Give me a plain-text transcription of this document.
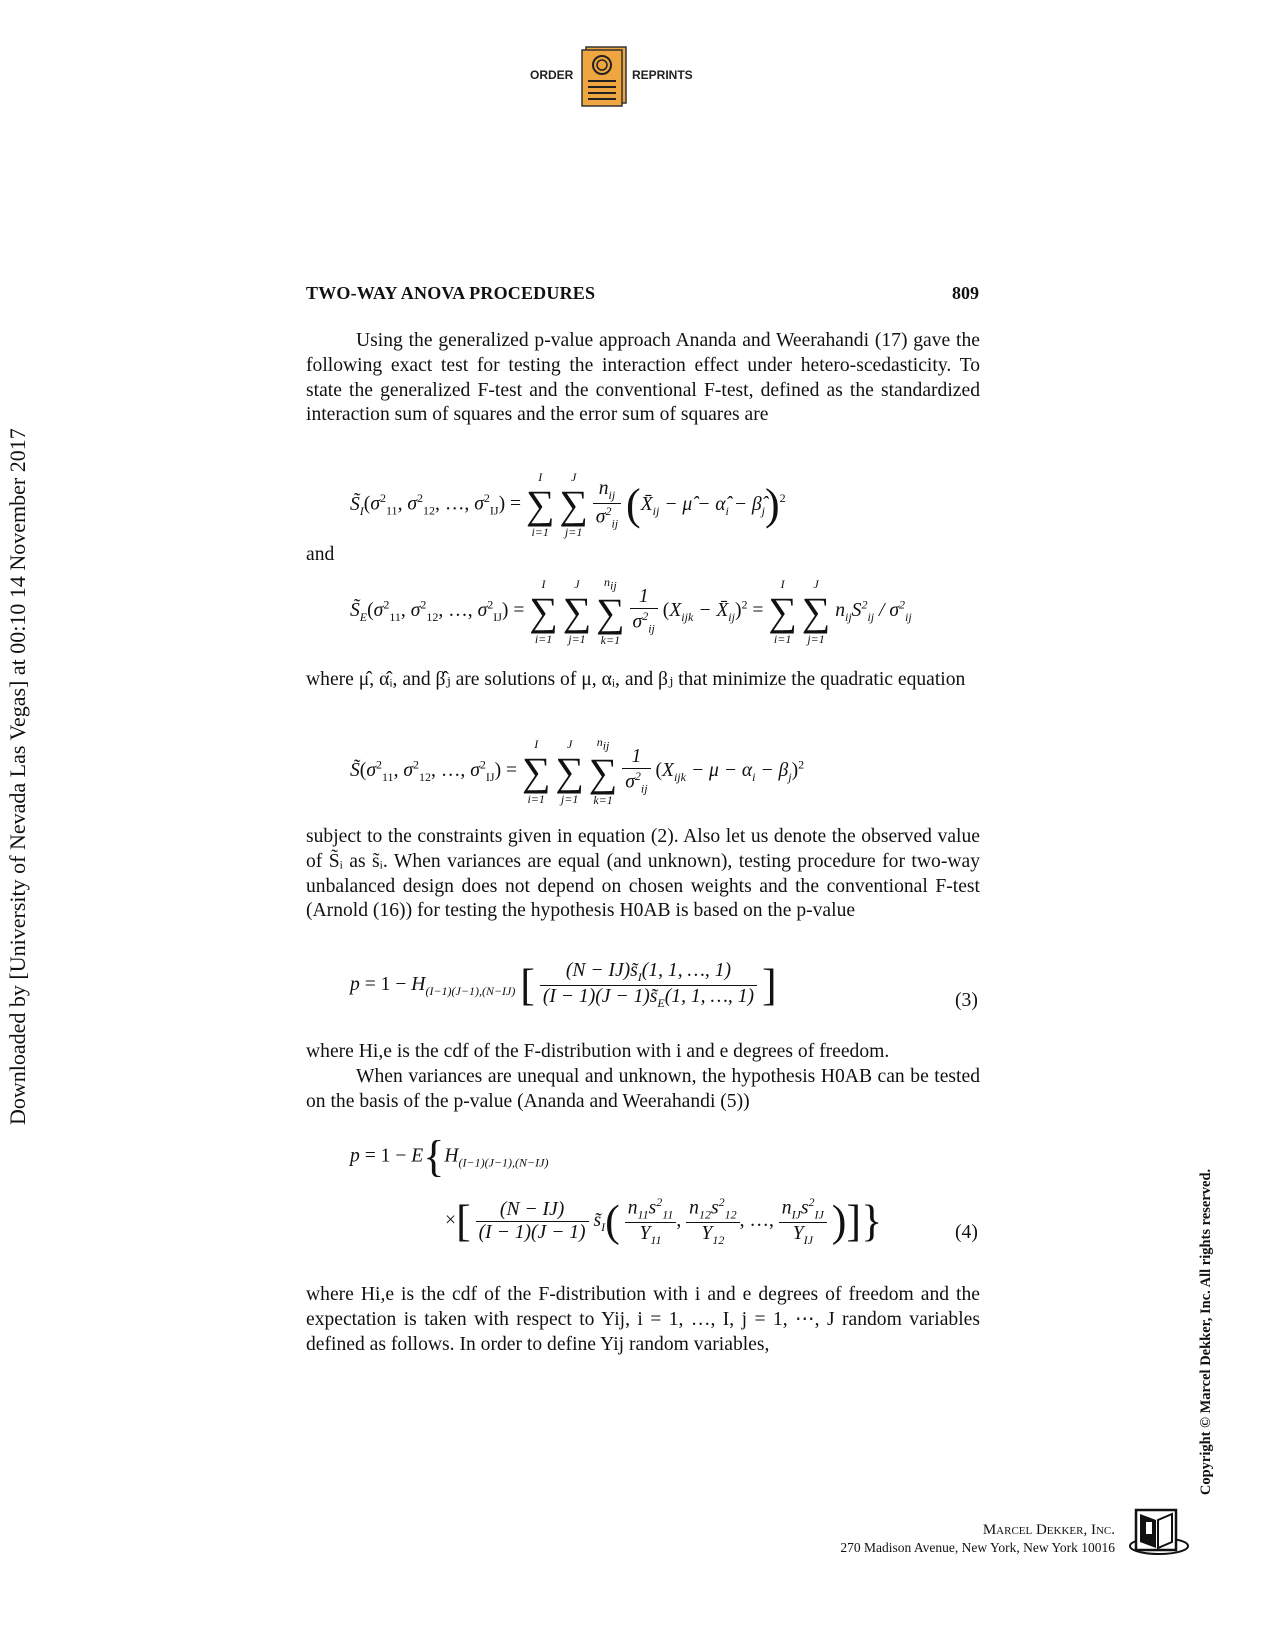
ORDER	REPRINTS
Downloaded by [University of Nevada Las Vegas] at 00:10 14 November 2017
Copyright © Marcel Dekker, Inc. All rights reserved.
TWO-WAY ANOVA PROCEDURES	809
Using the generalized p-value approach Ananda and Weerahandi (17) gave the following exact test for testing the interaction effect under hetero-scedasticity. To state the generalized F-test and the conventional F-test, defined as the standardized interaction sum of squares and the error sum of squares are
$S̃_I(\sigma^2_{11}$, $\sigma^2_{12}$, …, $\sigma^2_{IJ}$) =
I
∑
i=1

J
∑
j=1

$\frac{n_{ij}}{\sigma^2_{ij}}$ ($X̄_{ij}$ − μ̂ − $\alphâ_i$ − $\betâ_j)^2$
and
$S̃_E(\sigma^2_{11}$, $\sigma^2_{12}$, …, $\sigma^2_{IJ}$) =
I
∑
i=1

J
∑
j=1

$n_{ij}$
∑
k=1

$\frac{1}{\sigma^2_{ij}} (X_{ijk}$ − $X̄_{ij})^2$ =
I
∑
i=1

J
∑
j=1
$n_{ij}S^2_{ij} / \sigma^2_{ij}$
where μ̂, α̂ᵢ, and β̂ⱼ are solutions of μ, αᵢ, and βⱼ that minimize the quadratic equation
$S̃(\sigma^2_{11}$, $\sigma^2_{12}$, …, $\sigma^2_{IJ}$) =
I
∑
i=1

J
∑
j=1

$n_{ij}$
∑
k=1

$\frac{1}{\sigma^2_{ij}} (X_{ijk} - \mu - \alpha_i - \beta_j)^2$
subject to the constraints given in equation (2). Also let us denote the observed value of S̃ᵢ as s̃ᵢ. When variances are equal (and unknown), testing procedure for two-way unbalanced design does not depend on chosen weights and the conventional F-test (Arnold (16)) for testing the hypothesis H0AB is based on the p-value
$p = 1 - H_{(I-1)(J-1),(N-IJ)}$ [ $\frac{(N - IJ)s̃_I(1, 1, \dots, 1)}{(I - 1)(J - 1)s̃_E(1, 1, \dots, 1)}$ ]	(3)
where Hi,e is the cdf of the F-distribution with i and e degrees of freedom.
When variances are unequal and unknown, the hypothesis H0AB can be tested on the basis of the p-value (Ananda and Weerahandi (5))
$p = 1 - E\{H_{(I-1)(J-1),(N-IJ)}$
×[ $\frac{(N - IJ)}{(I - 1)(J - 1)}$ $s̃_I( \frac{n_{11}s^2_{11}}{Y_{11}}$ , $\frac{n_{12}s^2_{12}}{Y_{12}}$ , …, $\frac{n_{IJ}s^2_{IJ}}{Y_{IJ}}$ )]}	(4)
where Hi,e is the cdf of the F-distribution with i and e degrees of freedom and the expectation is taken with respect to Yij, i = 1, …, I, j = 1, ⋯, J random variables defined as follows. In order to define Yij random variables,
Marcel Dekker, Inc.
270 Madison Avenue, New York, New York 10016
